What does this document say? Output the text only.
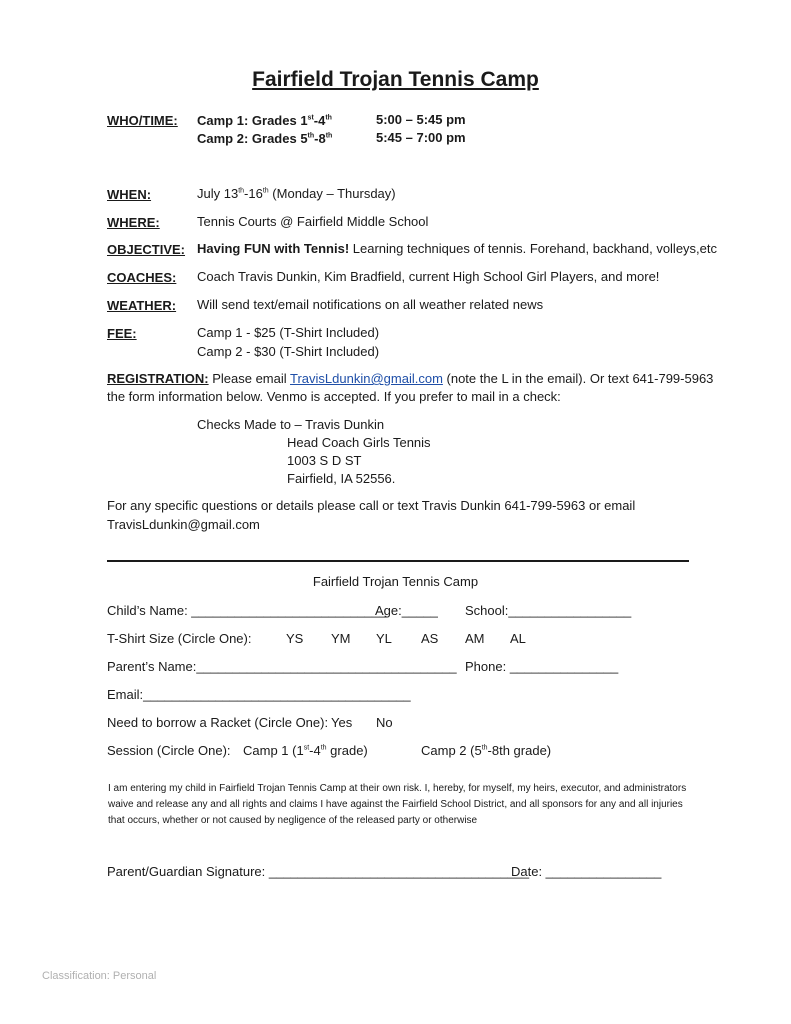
Fairfield Trojan Tennis Camp
WHO/TIME: Camp 1: Grades 1st-4th	5:00 – 5:45 pm
Camp 2: Grades 5th-8th	5:45 – 7:00 pm
WHEN:	July 13th-16th (Monday – Thursday)
WHERE:	Tennis Courts @ Fairfield Middle School
OBJECTIVE: Having FUN with Tennis! Learning techniques of tennis. Forehand, backhand, volleys,etc
COACHES: Coach Travis Dunkin, Kim Bradfield, current High School Girl Players, and more!
WEATHER: Will send text/email notifications on all weather related news
FEE:	Camp 1 - $25 (T-Shirt Included)
Camp 2 - $30 (T-Shirt Included)
REGISTRATION: Please email TravisLdunkin@gmail.com (note the L in the email). Or text 641-799-5963
the form information below. Venmo is accepted. If you prefer to mail in a check:
Checks Made to – Travis Dunkin
Head Coach Girls Tennis
1003 S D ST
Fairfield, IA 52556.
For any specific questions or details please call or text Travis Dunkin 641-799-5963 or email
TravisLdunkin@gmail.com
Fairfield Trojan Tennis Camp
Child’s Name: ___________________________
Age:_____ School:_________________
T-Shirt Size (Circle One):	YS YM YL AS AM AL
Parent’s Name:____________________________________ Phone: _______________
Email:_____________________________________
Need to borrow a Racket (Circle One): Yes No
Session (Circle One): Camp 1 (1st-4th grade)	Camp 2 (5th-8th grade)
I am entering my child in Fairfield Trojan Tennis Camp at their own risk. I, hereby, for myself, my heirs, executor, and administrators waive and release any and all rights and claims I have against the Fairfield School District, and all sponsors for any and all injuries that occurs, whether or not caused by negligence of the released party or otherwise
Parent/Guardian Signature: ____________________________________
Date: ________________
Classification: Personal
